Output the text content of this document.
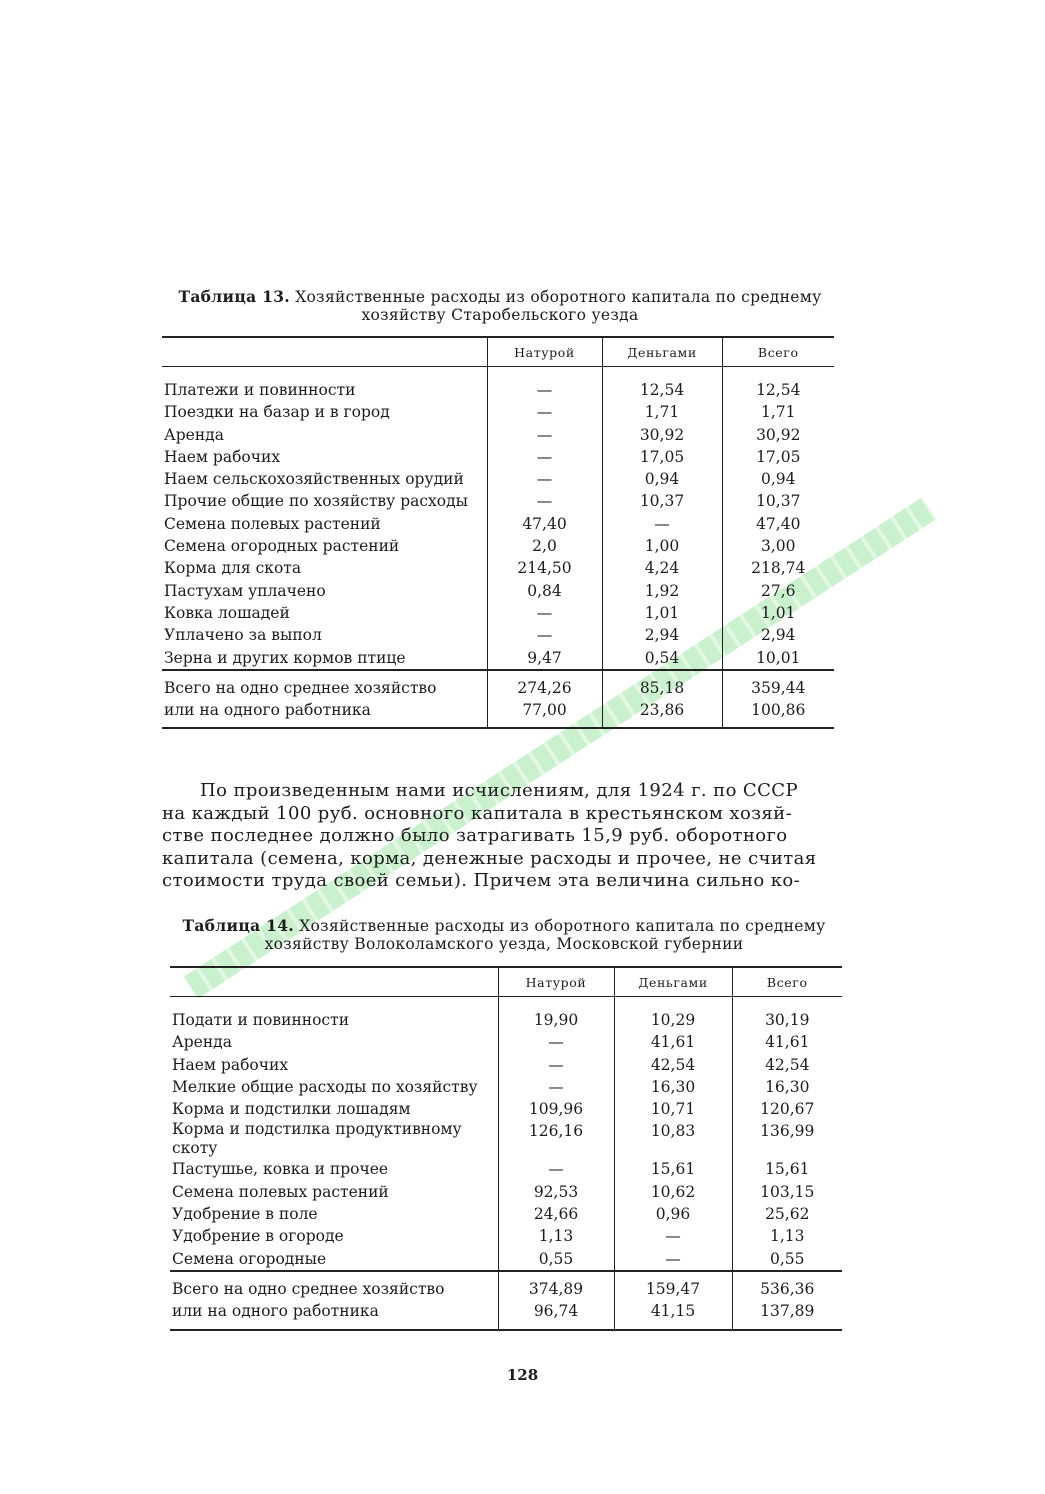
Таблица 13. Хозяйственные расходы из оборотного капитала по среднему
хозяйству Старобельского уезда
	Натурой	Деньгами	Всего

Платежи и повинности	—	12,54	12,54
Поездки на базар и в город	—	1,71	1,71
Аренда	—	30,92	30,92
Наем рабочих	—	17,05	17,05
Наем сельскохозяйственных орудий	—	0,94	0,94
Прочие общие по хозяйству расходы	—	10,37	10,37
Семена полевых растений	47,40	—	47,40
Семена огородных растений	2,0	1,00	3,00
Корма для скота	214,50	4,24	218,74
Пастухам уплачено	0,84	1,92	27,6
Ковка лошадей	—	1,01	1,01
Уплачено за выпол	—	2,94	2,94
Зерна и других кормов птице	9,47	0,54	10,01
Всего на одно среднее хозяйство	274,26	85,18	359,44
или на одного работника	77,00	23,86	100,86
По произведенным нами исчислениям, для 1924 г. по СССР
на каждый 100 руб. основного капитала в крестьянском хозяй-
стве последнее должно было затрагивать 15,9 руб. оборотного
капитала (семена, корма, денежные расходы и прочее, не считая
стоимости труда своей семьи). Причем эта величина сильно ко-
Таблица 14. Хозяйственные расходы из оборотного капитала по среднему
хозяйству Волоколамского уезда, Московской губернии
	Натурой	Деньгами	Всего

Подати и повинности	19,90	10,29	30,19
Аренда	—	41,61	41,61
Наем рабочих	—	42,54	42,54
Мелкие общие расходы по хозяйству	—	16,30	16,30
Корма и подстилки лошадям	109,96	10,71	120,67

Корма и подстилка продуктивному
скоту	126,16	10,83	136,99
Пастушье, ковка и прочее	—	15,61	15,61
Семена полевых растений	92,53	10,62	103,15
Удобрение в поле	24,66	0,96	25,62
Удобрение в огороде	1,13	—	1,13
Семена огородные	0,55	—	0,55
Всего на одно среднее хозяйство	374,89	159,47	536,36
или на одного работника	96,74	41,15	137,89
128
